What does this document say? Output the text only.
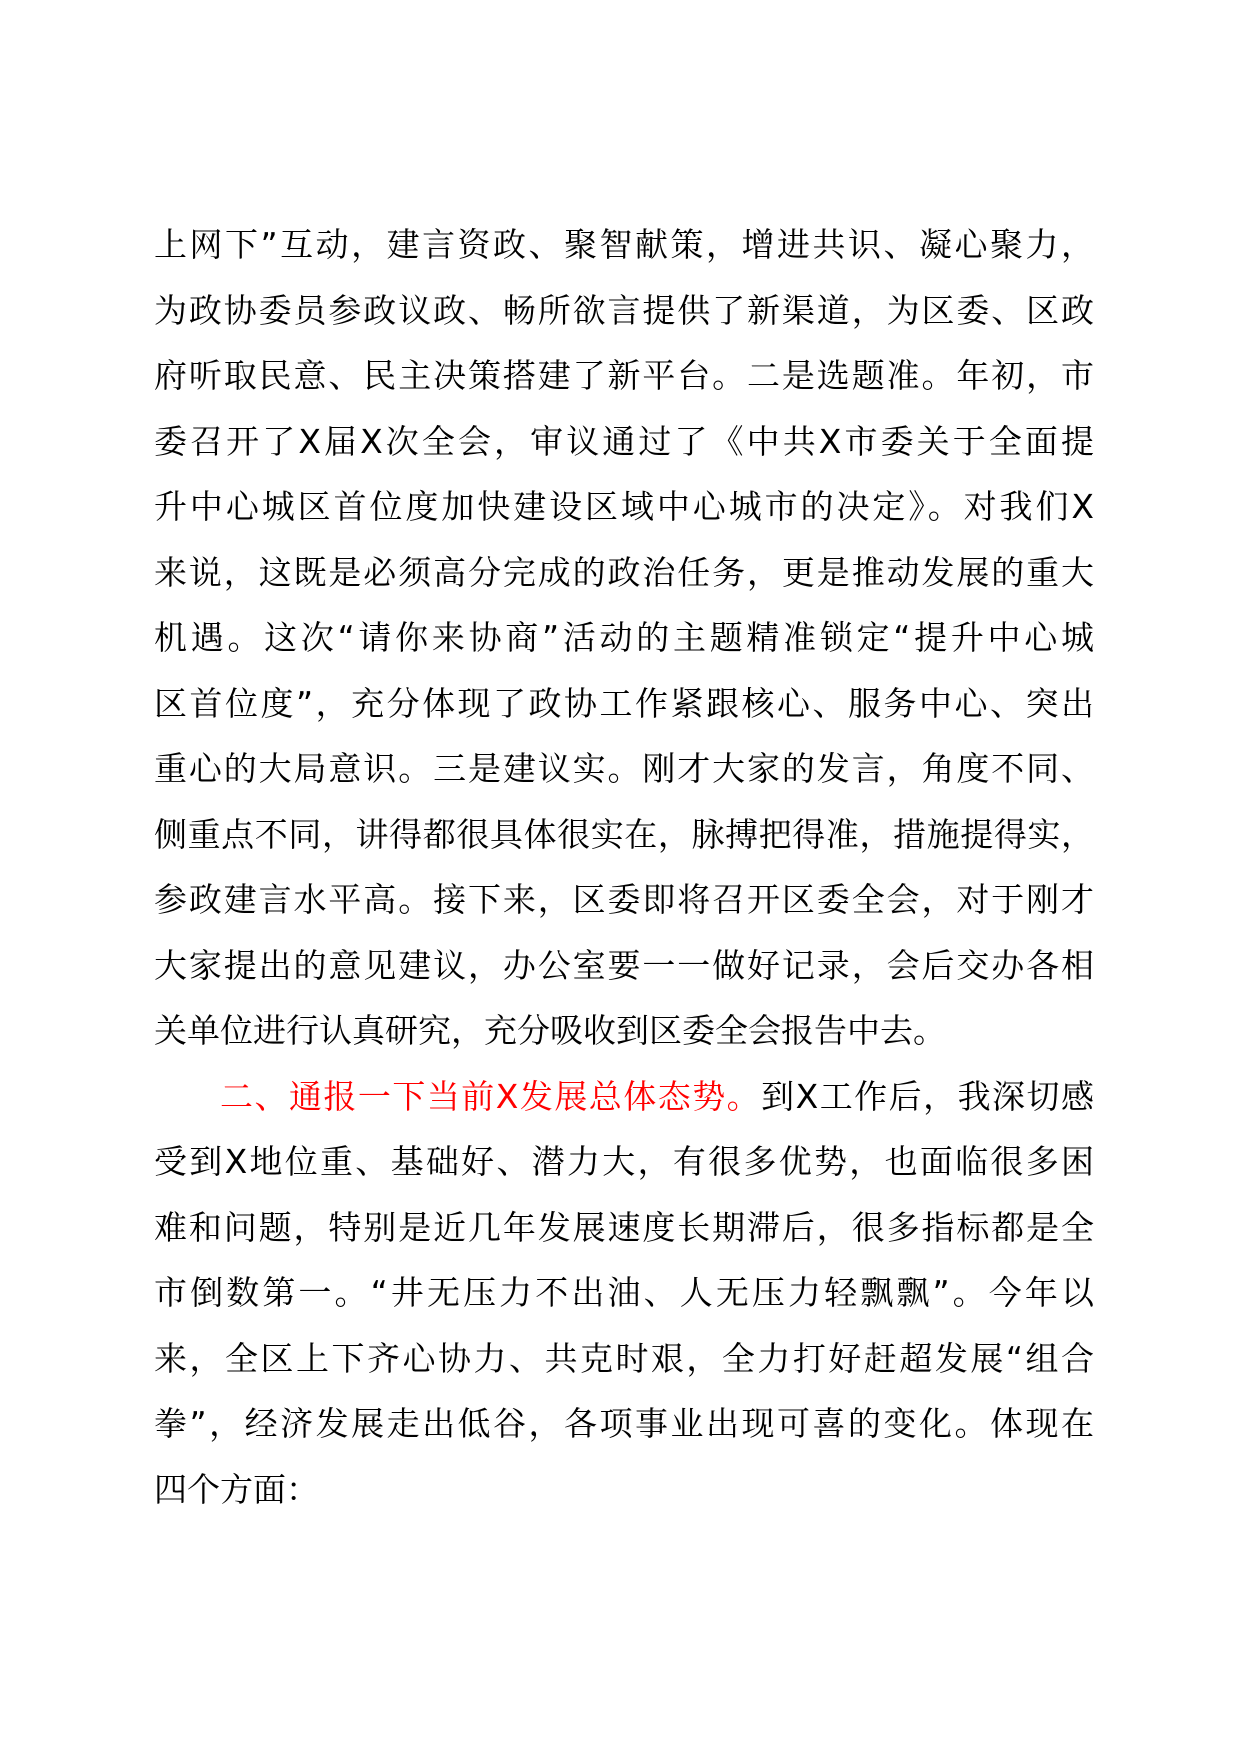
上网下”互动，建言资政、聚智献策，增进共识、凝心聚力，
为政协委员参政议政、畅所欲言提供了新渠道，为区委、区政
府听取民意、民主决策搭建了新平台。二是选题准。年初，市
委召开了X届X次全会，审议通过了《中共X市委关于全面提
升中心城区首位度加快建设区域中心城市的决定》。对我们X
来说，这既是必须高分完成的政治任务，更是推动发展的重大
机遇。这次“请你来协商”活动的主题精准锁定“提升中心城
区首位度”，充分体现了政协工作紧跟核心、服务中心、突出
重心的大局意识。三是建议实。刚才大家的发言，角度不同、
侧重点不同，讲得都很具体很实在，脉搏把得准，措施提得实，
参政建言水平高。接下来，区委即将召开区委全会，对于刚才
大家提出的意见建议，办公室要一一做好记录，会后交办各相
关单位进行认真研究，充分吸收到区委全会报告中去。
二、通报一下当前X发展总体态势。到X工作后，我深切感
受到X地位重、基础好、潜力大，有很多优势，也面临很多困
难和问题，特别是近几年发展速度长期滞后，很多指标都是全
市倒数第一。“井无压力不出油、人无压力轻飘飘”。今年以
来，全区上下齐心协力、共克时艰，全力打好赶超发展“组合
拳”，经济发展走出低谷，各项事业出现可喜的变化。体现在
四个方面：
